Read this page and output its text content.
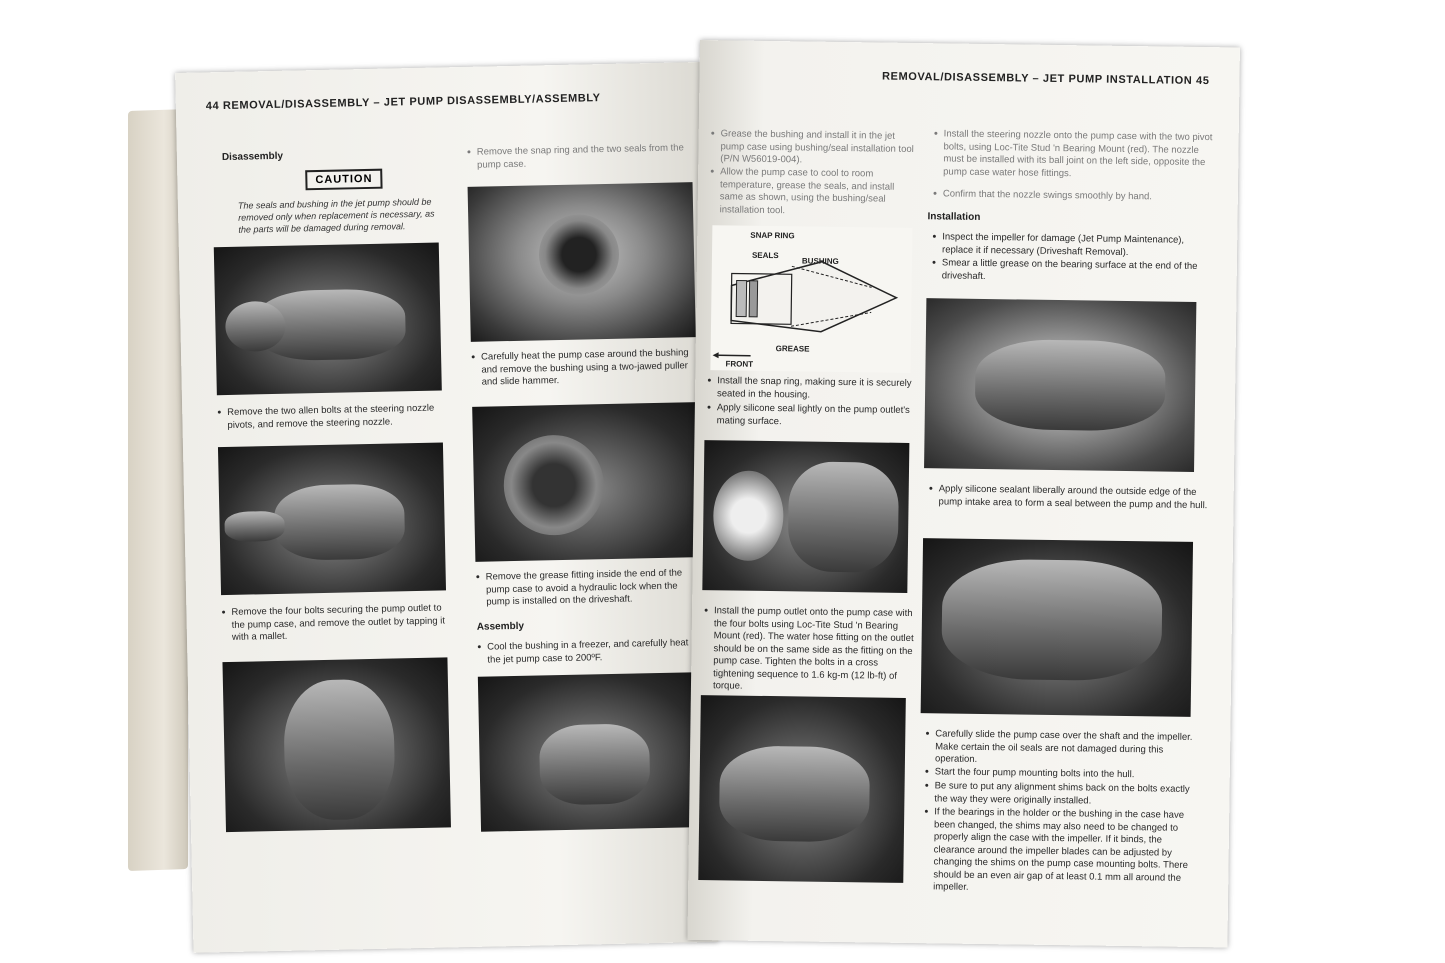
44 REMOVAL/DISASSEMBLY – JET PUMP DISASSEMBLY/ASSEMBLY
Disassembly
CAUTION
The seals and bushing in the jet pump should be removed only when replacement is necessary, as the parts will be damaged during removal.
● Remove the two allen bolts at the steering nozzle pivots, and remove the steering nozzle.
● Remove the four bolts securing the pump outlet to the pump case, and remove the outlet by tapping it with a mallet.
● Remove the snap ring and the two seals from the pump case.
● Carefully heat the pump case around the bushing and remove the bushing using a two-jawed puller and slide hammer.
● Remove the grease fitting inside the end of the pump case to avoid a hydraulic lock when the pump is installed on the driveshaft.
Assembly
● Cool the bushing in a freezer, and carefully heat the jet pump case to 200ºF.
REMOVAL/DISASSEMBLY – JET PUMP INSTALLATION 45
● Grease the bushing and install it in the jet pump case using bushing/seal installation tool (P/N W56019-004).
● Allow the pump case to cool to room temperature, grease the seals, and install same as shown, using the bushing/seal installation tool.
SNAP RING
SEALS
BUSHING
GREASE
FRONT
● Install the snap ring, making sure it is securely seated in the housing.
● Apply silicone seal lightly on the pump outlet's mating surface.
● Install the pump outlet onto the pump case with the four bolts using Loc-Tite Stud 'n Bearing Mount (red). The water hose fitting on the outlet should be on the same side as the fitting on the pump case. Tighten the bolts in a cross tightening sequence to 1.6 kg-m (12 lb-ft) of torque.
● Install the steering nozzle onto the pump case with the two pivot bolts, using Loc-Tite Stud 'n Bearing Mount (red). The nozzle must be installed with its ball joint on the left side, opposite the pump case water hose fittings.
● Confirm that the nozzle swings smoothly by hand.
Installation
● Inspect the impeller for damage (Jet Pump Maintenance), replace it if necessary (Driveshaft Removal).
● Smear a little grease on the bearing surface at the end of the driveshaft.
● Apply silicone sealant liberally around the outside edge of the pump intake area to form a seal between the pump and the hull.
● Carefully slide the pump case over the shaft and the impeller. Make certain the oil seals are not damaged during this operation.
● Start the four pump mounting bolts into the hull.
● Be sure to put any alignment shims back on the bolts exactly the way they were originally installed.
● If the bearings in the holder or the bushing in the case have been changed, the shims may also need to be changed to properly align the case with the impeller. If it binds, the clearance around the impeller blades can be adjusted by changing the shims on the pump case mounting bolts. There should be an even air gap of at least 0.1 mm all around the impeller.
